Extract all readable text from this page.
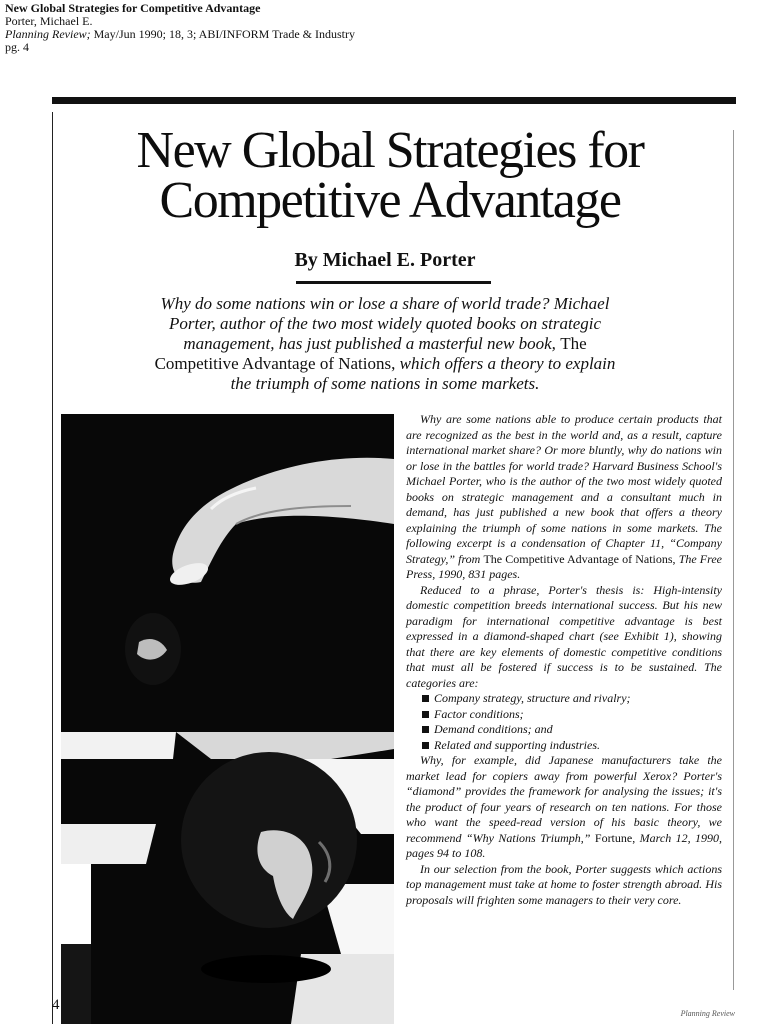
New Global Strategies for Competitive Advantage
Porter, Michael E.
Planning Review; May/Jun 1990; 18, 3; ABI/INFORM Trade & Industry
pg. 4
New Global Strategies for
Competitive Advantage
By Michael E. Porter
Why do some nations win or lose a share of world trade? Michael Porter, author of the two most widely quoted books on strategic management, has just published a masterful new book, The Competitive Advantage of Nations, which offers a theory to explain the triumph of some nations in some markets.

Why are some nations able to produce certain products that are recognized as the best in the world and, as a result, capture international market share? Or more bluntly, why do nations win or lose in the battles for world trade? Harvard Business School's Michael Porter, who is the author of the two most widely quoted books on strategic management and a consultant much in demand, has just published a new book that offers a theory explaining the triumph of some nations in some markets. The following excerpt is a condensation of Chapter 11, “Company Strategy,” from The Competitive Advantage of Nations, The Free Press, 1990, 831 pages.

Reduced to a phrase, Porter's thesis is: High-intensity domestic competition breeds international success. But his new paradigm for international competitive advantage is best expressed in a diamond-shaped chart (see Exhibit 1), showing that there are key elements of domestic competitive conditions that must all be fostered if success is to be sustained. The categories are:

Company strategy, structure and rivalry;
Factor conditions;
Demand conditions; and
Related and supporting industries.

Why, for example, did Japanese manufacturers take the market lead for copiers away from powerful Xerox? Porter's “diamond” provides the framework for analysing the issues; it's the product of four years of research on ten nations. For those who want the speed-read version of his basic theory, we recommend “Why Nations Triumph,” Fortune, March 12, 1990, pages 94 to 108.

In our selection from the book, Porter suggests which actions top management must take at home to foster strength abroad. His proposals will frighten some managers to their very core.

4
Planning Review
